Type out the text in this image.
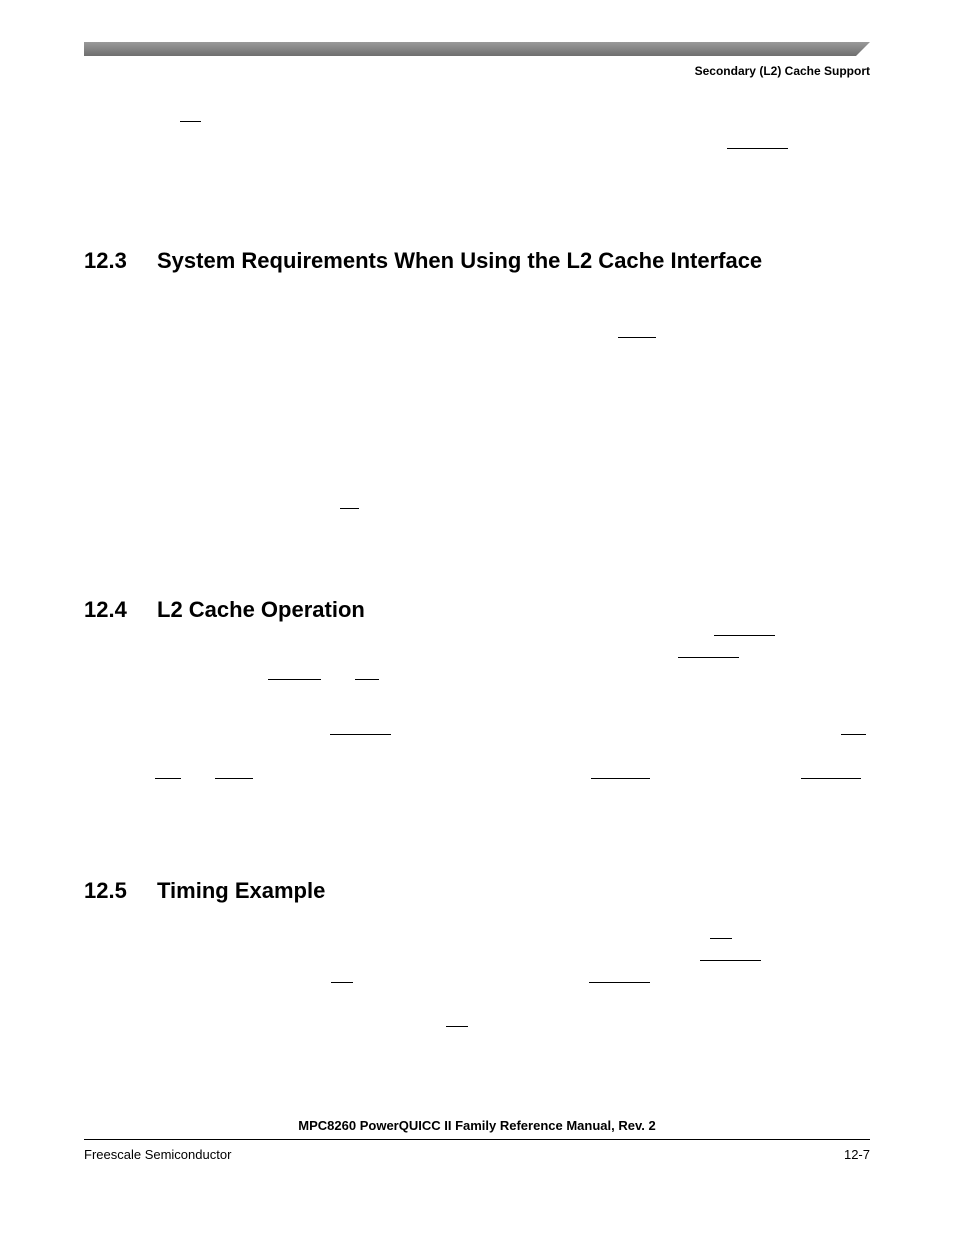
Secondary (L2) Cache Support
12.3 System Requirements When Using the L2 Cache Interface
12.4 L2 Cache Operation
12.5 Timing Example
MPC8260 PowerQUICC II Family Reference Manual, Rev. 2
Freescale Semiconductor	12-7
